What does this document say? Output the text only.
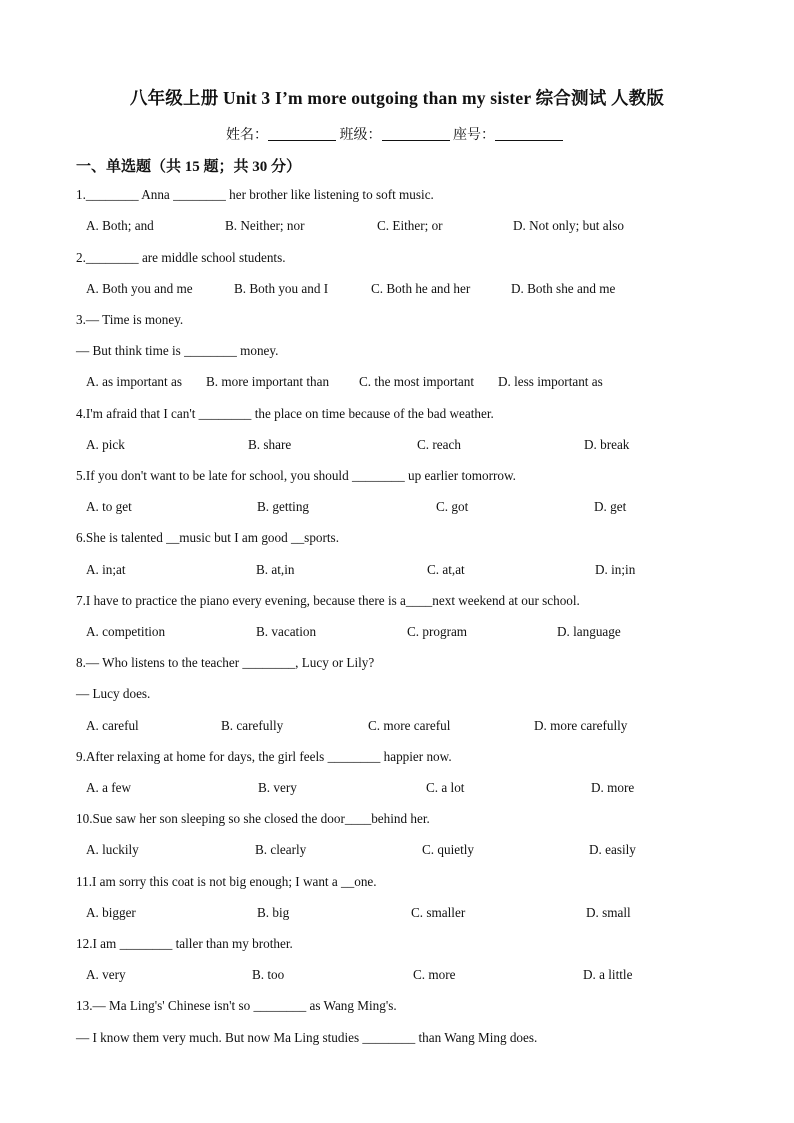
八年级上册 Unit 3 I’m more outgoing than my sister 综合测试 人教版
姓名：	班级：	座号：
一、单选题（共 15 题；共 30 分）
1.________ Anna ________ her brother like listening to soft music.
A. Both; and	B. Neither; nor	C. Either; or	D. Not only; but also
2.________ are middle school students.
A. Both you and me	B. Both you and I	C. Both he and her	D. Both she and me
3.— Time is money.
— But think time is ________ money.
A. as important as B. more important than C. the most important D. less important as
4.I'm afraid that I can't ________ the place on time because of the bad weather.
A. pick	B. share	C. reach	D. break
5.If you don't want to be late for school, you should ________ up earlier tomorrow.
A. to get	B. getting	C. got	D. get
6.She is talented __music but I am good __sports.
A. in;at	B. at,in	C. at,at	D. in;in
7.I have to practice the piano every evening, because there is a____next weekend at our school.
A. competition	B. vacation	C. program	D. language
8.— Who listens to the teacher ________, Lucy or Lily?
— Lucy does.
A. careful	B. carefully	C. more careful	D. more carefully
9.After relaxing at home for days, the girl feels ________ happier now.
A. a few	B. very	C. a lot	D. more
10.Sue saw her son sleeping so she closed the door____behind her.
A. luckily	B. clearly	C. quietly	D. easily
11.I am sorry this coat is not big enough; I want a __one.
A. bigger	B. big	C. smaller	D. small
12.I am ________ taller than my brother.
A. very	B. too	C. more	D. a little
13.— Ma Ling's' Chinese isn't so ________ as Wang Ming's.
— I know them very much. But now Ma Ling studies ________ than Wang Ming does.
